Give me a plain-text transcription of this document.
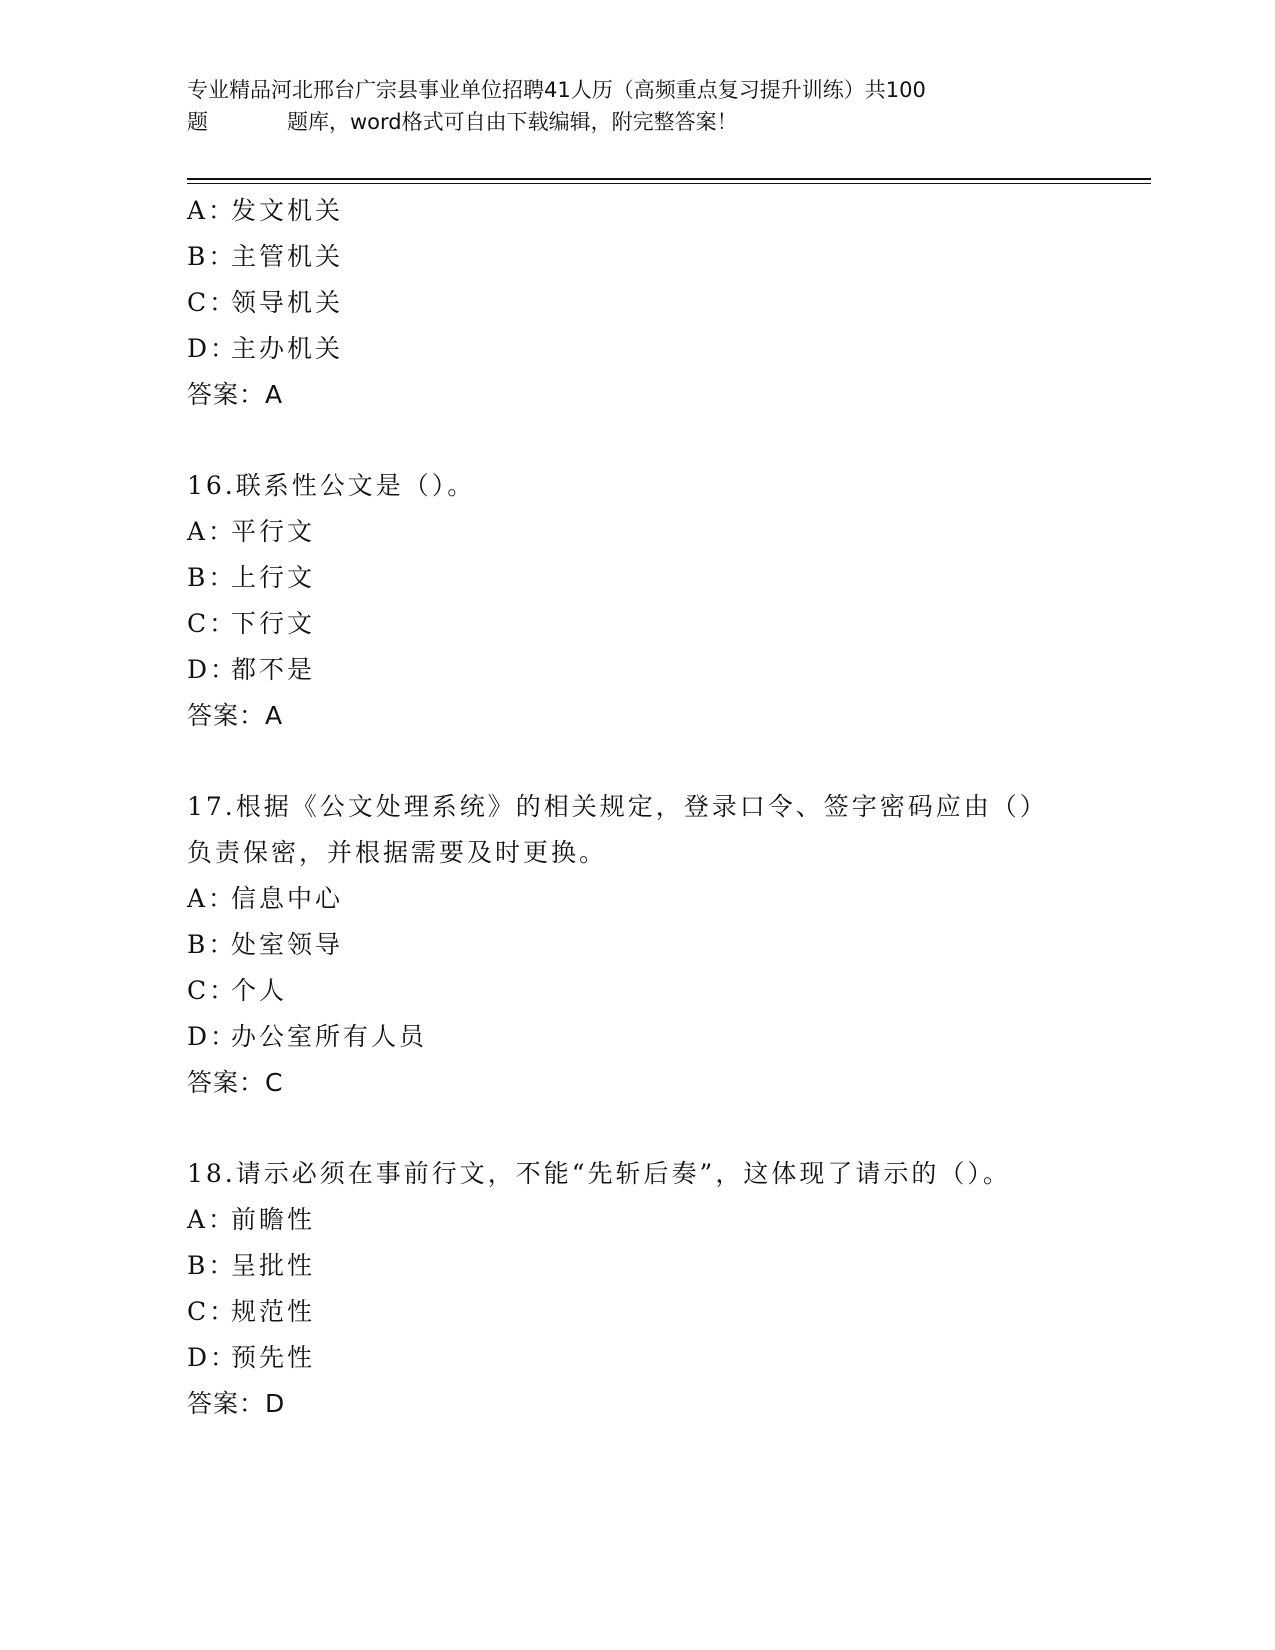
专业精品河北邢台广宗县事业单位招聘41人历（高频重点复习提升训练）共100
题	题库，word格式可自由下载编辑，附完整答案！
A：发文机关
B：主管机关
C：领导机关
D：主办机关
答案：A
16.联系性公文是（）。
A：平行文
B：上行文
C：下行文
D：都不是
答案：A
17.根据《公文处理系统》的相关规定，登录口令、签字密码应由（）
负责保密，并根据需要及时更换。
A：信息中心
B：处室领导
C：个人
D：办公室所有人员
答案：C
18.请示必须在事前行文，不能“先斩后奏”，这体现了请示的（）。
A：前瞻性
B：呈批性
C：规范性
D：预先性
答案：D
